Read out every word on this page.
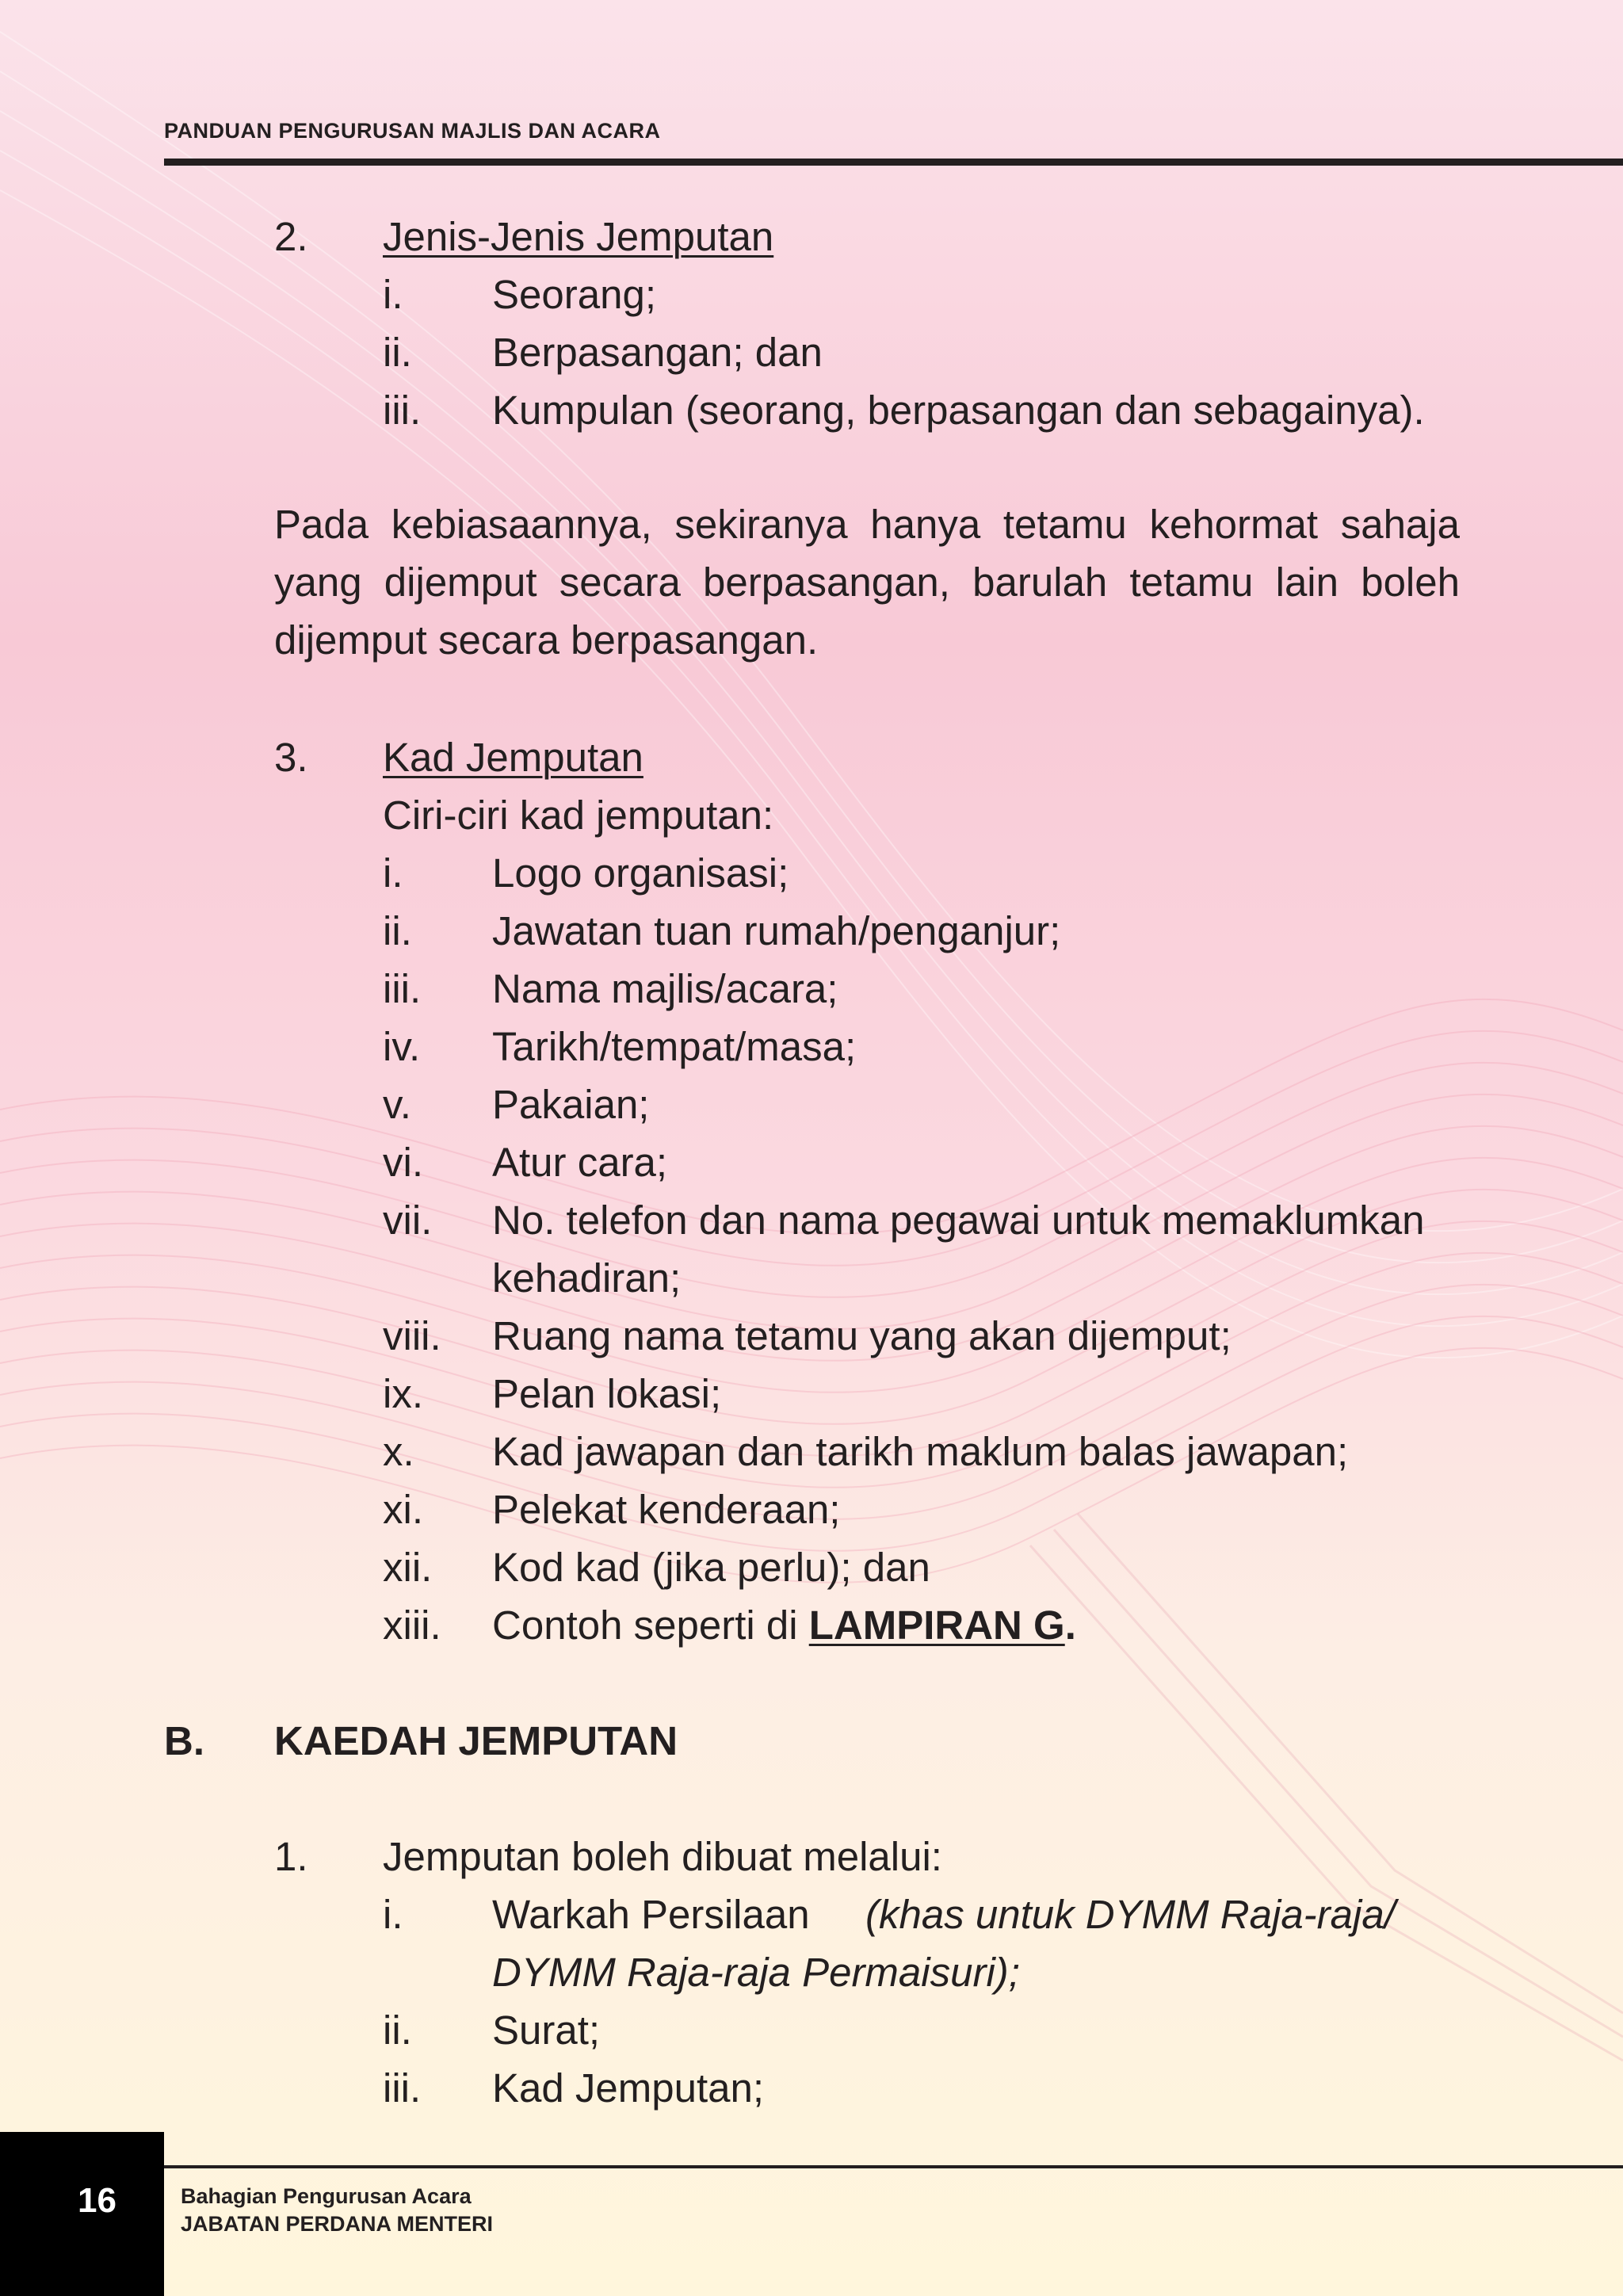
PANDUAN PENGURUSAN MAJLIS DAN ACARA
2. Jenis-Jenis Jemputan
i. Seorang;
ii. Berpasangan; dan
iii. Kumpulan (seorang, berpasangan dan sebagainya).
Pada kebiasaannya, sekiranya hanya tetamu kehormat sahaja yang dijemput secara berpasangan, barulah tetamu lain boleh dijemput secara berpasangan.
3. Kad Jemputan
Ciri-ciri kad jemputan:
i. Logo organisasi;
ii. Jawatan tuan rumah/penganjur;
iii. Nama majlis/acara;
iv. Tarikh/tempat/masa;
v. Pakaian;
vi. Atur cara;
vii. No. telefon dan nama pegawai untuk memaklumkan
kehadiran;
viii. Ruang nama tetamu yang akan dijemput;
ix. Pelan lokasi;
x. Kad jawapan dan tarikh maklum balas jawapan;
xi. Pelekat kenderaan;
xii. Kod kad (jika perlu); dan
xiii. Contoh seperti di LAMPIRAN G.
B. KAEDAH JEMPUTAN
1. Jemputan boleh dibuat melalui:
i. Warkah Persilaan (khas untuk DYMM Raja-raja/
DYMM Raja-raja Permaisuri);
ii. Surat;
iii. Kad Jemputan;
16	Bahagian Pengurusan Acara
JABATAN PERDANA MENTERI
